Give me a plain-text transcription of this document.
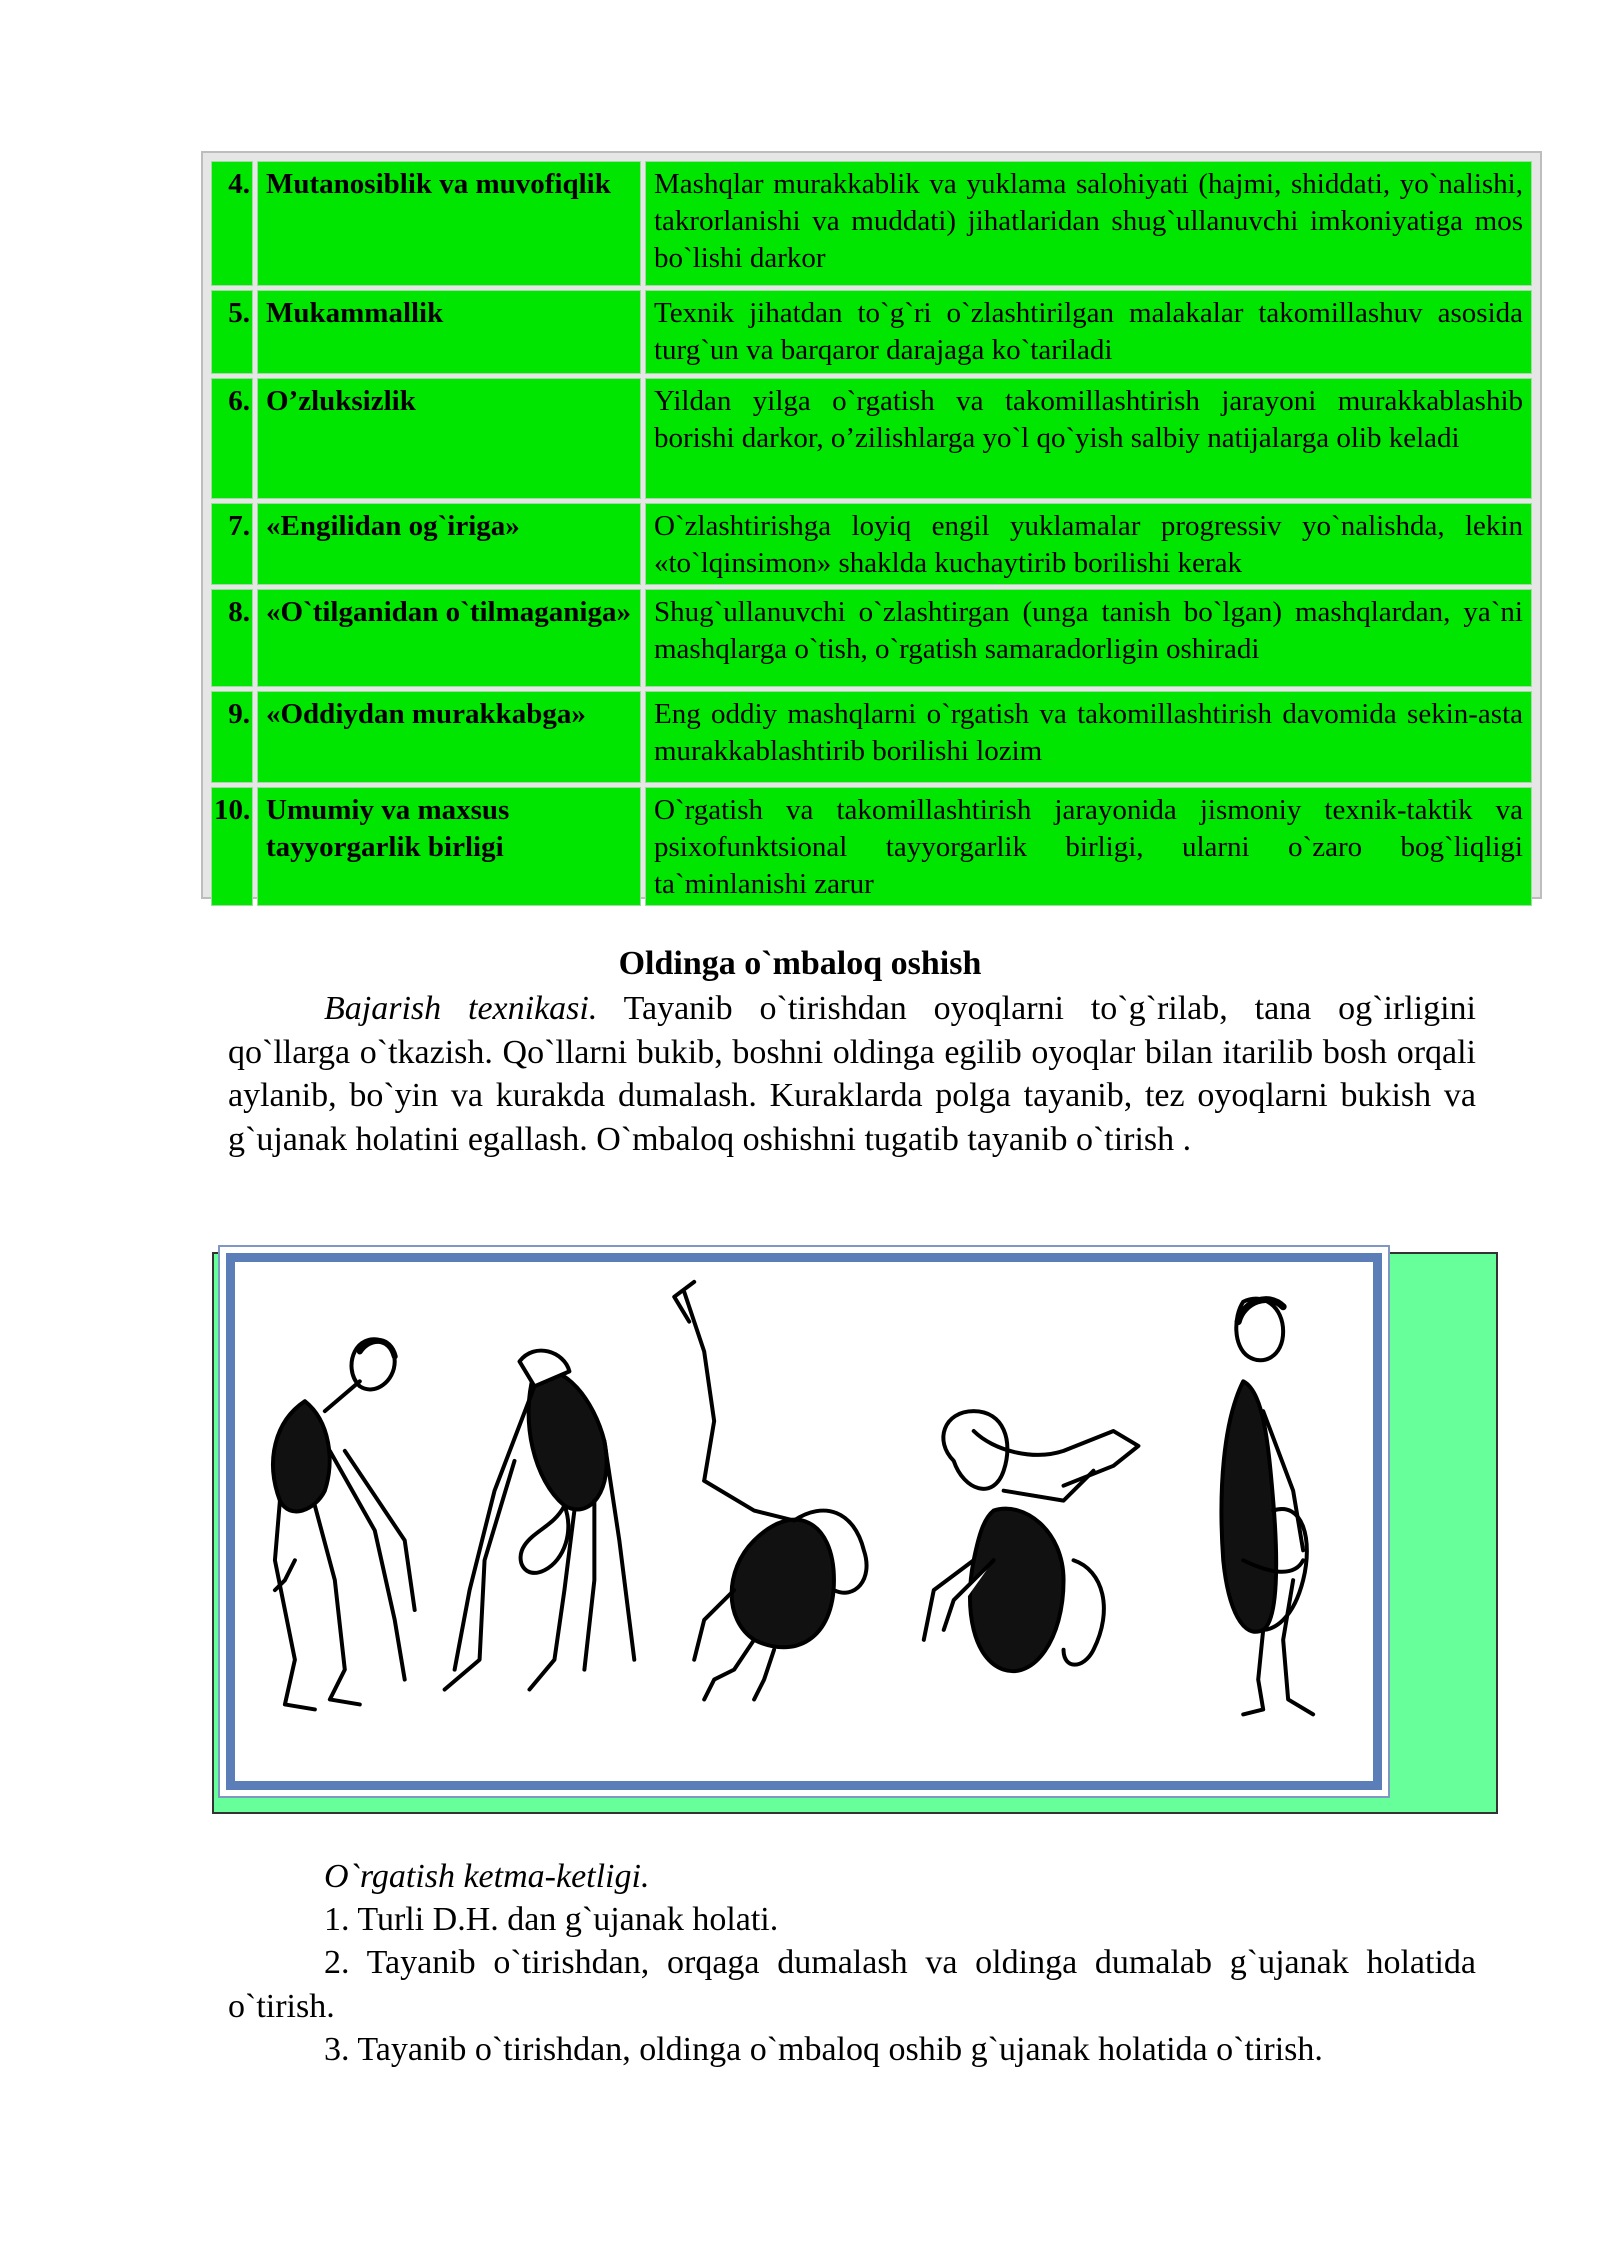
4.	Mutanosiblik va muvofiqlik	Mashqlar murakkablik va yuklama salohiyati (hajmi, shiddati, yo`nalishi, takrorlanishi va muddati) jihatlaridan shug`ullanuvchi imkoniyatiga mos bo`lishi darkor
5.	Mukammallik	Texnik jihatdan to`g`ri o`zlashtirilgan malakalar takomillashuv asosida turg`un va barqaror darajaga ko`tariladi
6.	O’zluksizlik	Yildan yilga o`rgatish va takomillashtirish jarayoni murakkablashib borishi darkor, o’zilishlarga yo`l qo`yish salbiy natijalarga olib keladi
7.	«Engilidan og`iriga»	O`zlashtirishga loyiq engil yuklamalar progressiv yo`nalishda, lekin «to`lqinsimon» shaklda kuchaytirib borilishi kerak
8.	«O`tilganidan o`tilmaganiga»	Shug`ullanuvchi o`zlashtirgan (unga tanish bo`lgan) mashqlardan, ya`ni mashqlarga o`tish, o`rgatish samaradorligin oshiradi
9.	«Oddiydan murakkabga»	Eng oddiy mashqlarni o`rgatish va takomillashtirish davomida sekin-asta murakkablashtirib borilishi lozim
10.	Umumiy va maxsus tayyorgarlik birligi	O`rgatish va takomillashtirish jarayonida jismoniy texnik-taktik va psixofunktsional tayyorgarlik birligi, ularni o`zaro bog`liqligi ta`minlanishi zarur
Oldinga o`mbaloq oshish
Bajarish texnikasi. Tayanib o`tirishdan oyoqlarni to`g`rilab, tana og`irligini qo`llarga o`tkazish. Qo`llarni bukib, boshni oldinga egilib oyoqlar bilan itarilib bosh orqali aylanib, bo`yin va kurakda dumalash. Kuraklarda polga tayanib, tez oyoqlarni bukish va g`ujanak holatini egallash. O`mbaloq oshishni tugatib tayanib o`tirish .
O`rgatish ketma-ketligi.
1. Turli D.H. dan g`ujanak holati.
2. Tayanib o`tirishdan, orqaga dumalash va oldinga dumalab g`ujanak holatida o`tirish.
3. Tayanib o`tirishdan, oldinga o`mbaloq oshib g`ujanak holatida o`tirish.
